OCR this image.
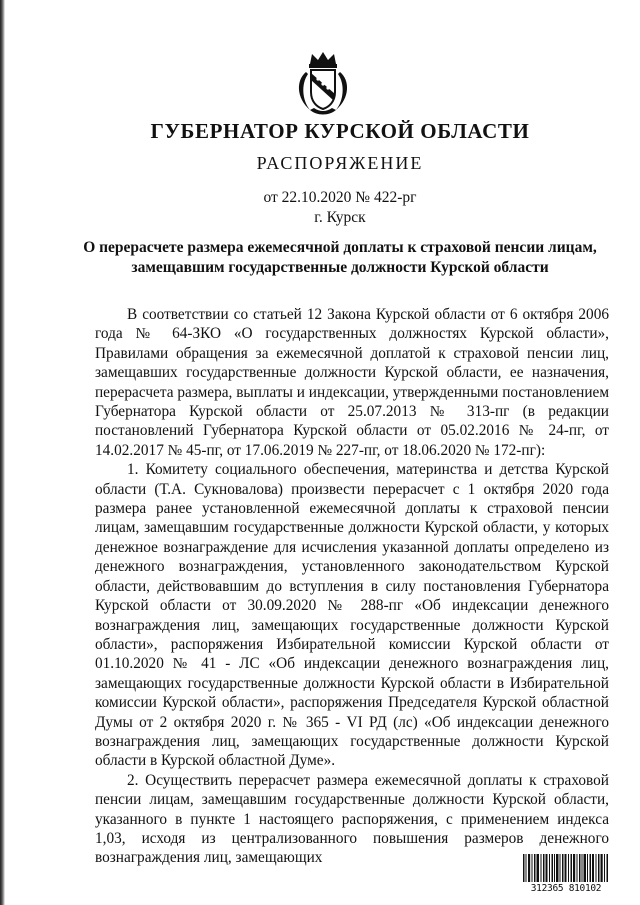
ГУБЕРНАТОР КУРСКОЙ ОБЛАСТИ
РАСПОРЯЖЕНИЕ
от 22.10.2020 № 422-рг
г. Курск
О перерасчете размера ежемесячной доплаты к страховой пенсии лицам, замещавшим государственные должности Курской области

В соответствии со статьей 12 Закона Курской области от 6 октября 2006 года № 64-ЗКО «О государственных должностях Курской области», Правилами обращения за ежемесячной доплатой к страховой пенсии лиц, замещавших государственные должности Курской области, ее назначения, перерасчета размера, выплаты и индексации, утвержденными постановлением Губернатора Курской области от 25.07.2013 № 313-пг (в редакции постановлений Губернатора Курской области от 05.02.2016 № 24-пг, от 14.02.2017 № 45-пг, от 17.06.2019 № 227-пг, от 18.06.2020 № 172-пг):

1. Комитету социального обеспечения, материнства и детства Курской области (Т.А. Сукновалова) произвести перерасчет с 1 октября 2020 года размера ранее установленной ежемесячной доплаты к страховой пенсии лицам, замещавшим государственные должности Курской области, у которых денежное вознаграждение для исчисления указанной доплаты определено из денежного вознаграждения, установленного законодательством Курской области, действовавшим до вступления в силу постановления Губернатора Курской области от 30.09.2020 № 288-пг «Об индексации денежного вознаграждения лиц, замещающих государственные должности Курской области», распоряжения Избирательной комиссии Курской области от 01.10.2020 № 41 - ЛС «Об индексации денежного вознаграждения лиц, замещающих государственные должности Курской области в Избирательной комиссии Курской области», распоряжения Председателя Курской областной Думы от 2 октября 2020 г. № 365 - VI РД (лс) «Об индексации денежного вознаграждения лиц, замещающих государственные должности Курской области в Курской областной Думе».

2. Осуществить перерасчет размера ежемесячной доплаты к страховой пенсии лицам, замещавшим государственные должности Курской области, указанного в пункте 1 настоящего распоряжения, с применением индекса 1,03, исходя из централизованного повышения размеров денежного вознаграждения лиц, замещающих

312365 810102
